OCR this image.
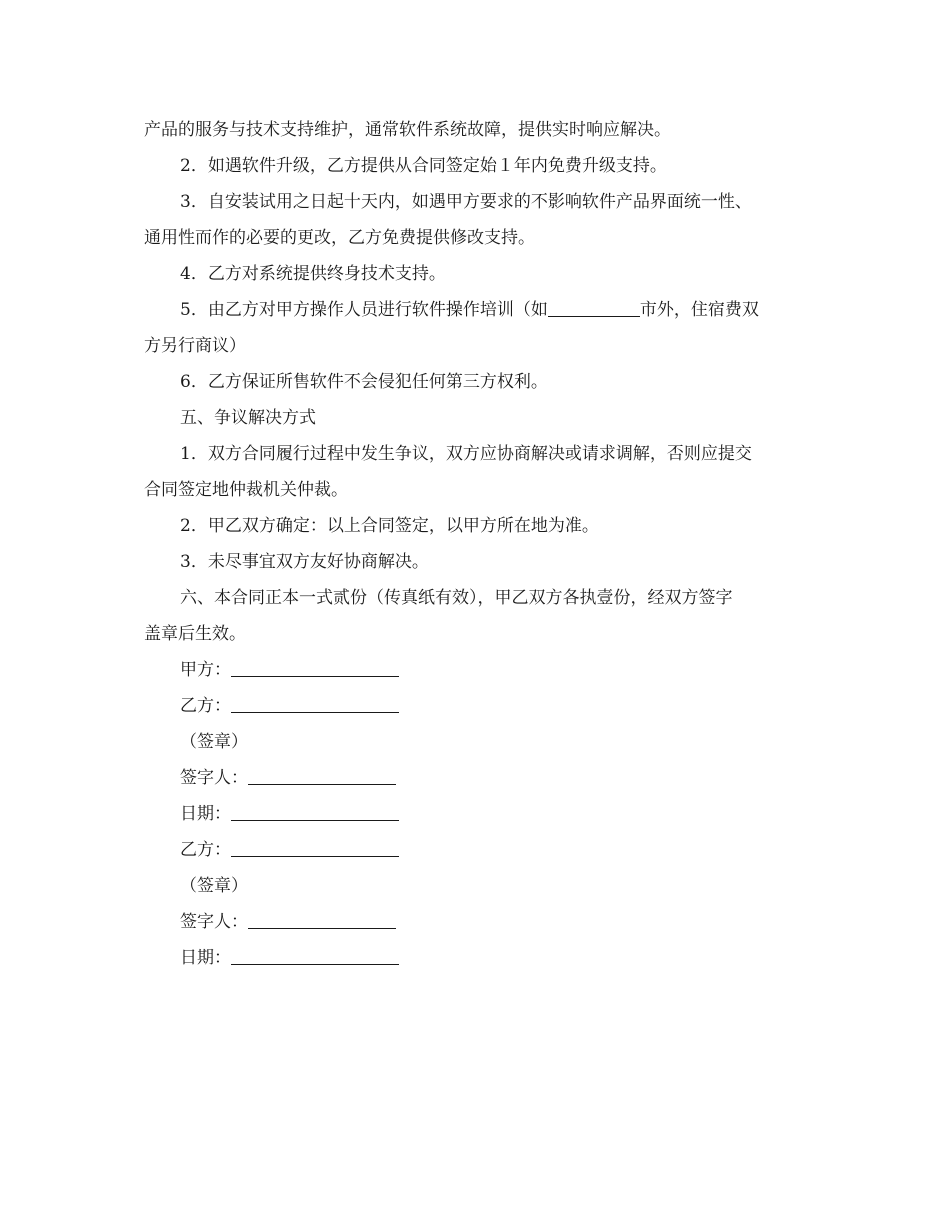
产品的服务与技术支持维护，通常软件系统故障，提供实时响应解决。
2．如遇软件升级，乙方提供从合同签定始１年内免费升级支持。
3．自安装试用之日起十天内，如遇甲方要求的不影响软件产品界面统一性、
通用性而作的必要的更改，乙方免费提供修改支持。
4．乙方对系统提供终身技术支持。
5．由乙方对甲方操作人员进行软件操作培训（如	市外，住宿费双
方另行商议）
6．乙方保证所售软件不会侵犯任何第三方权利。
五、争议解决方式
1．双方合同履行过程中发生争议，双方应协商解决或请求调解，否则应提交
合同签定地仲裁机关仲裁。
2．甲乙双方确定：以上合同签定，以甲方所在地为准。
3．未尽事宜双方友好协商解决。
六、本合同正本一式贰份（传真纸有效），甲乙双方各执壹份，经双方签字
盖章后生效。
甲方：
乙方：
（签章）
签字人：
日期：
乙方：
（签章）
签字人：
日期：
